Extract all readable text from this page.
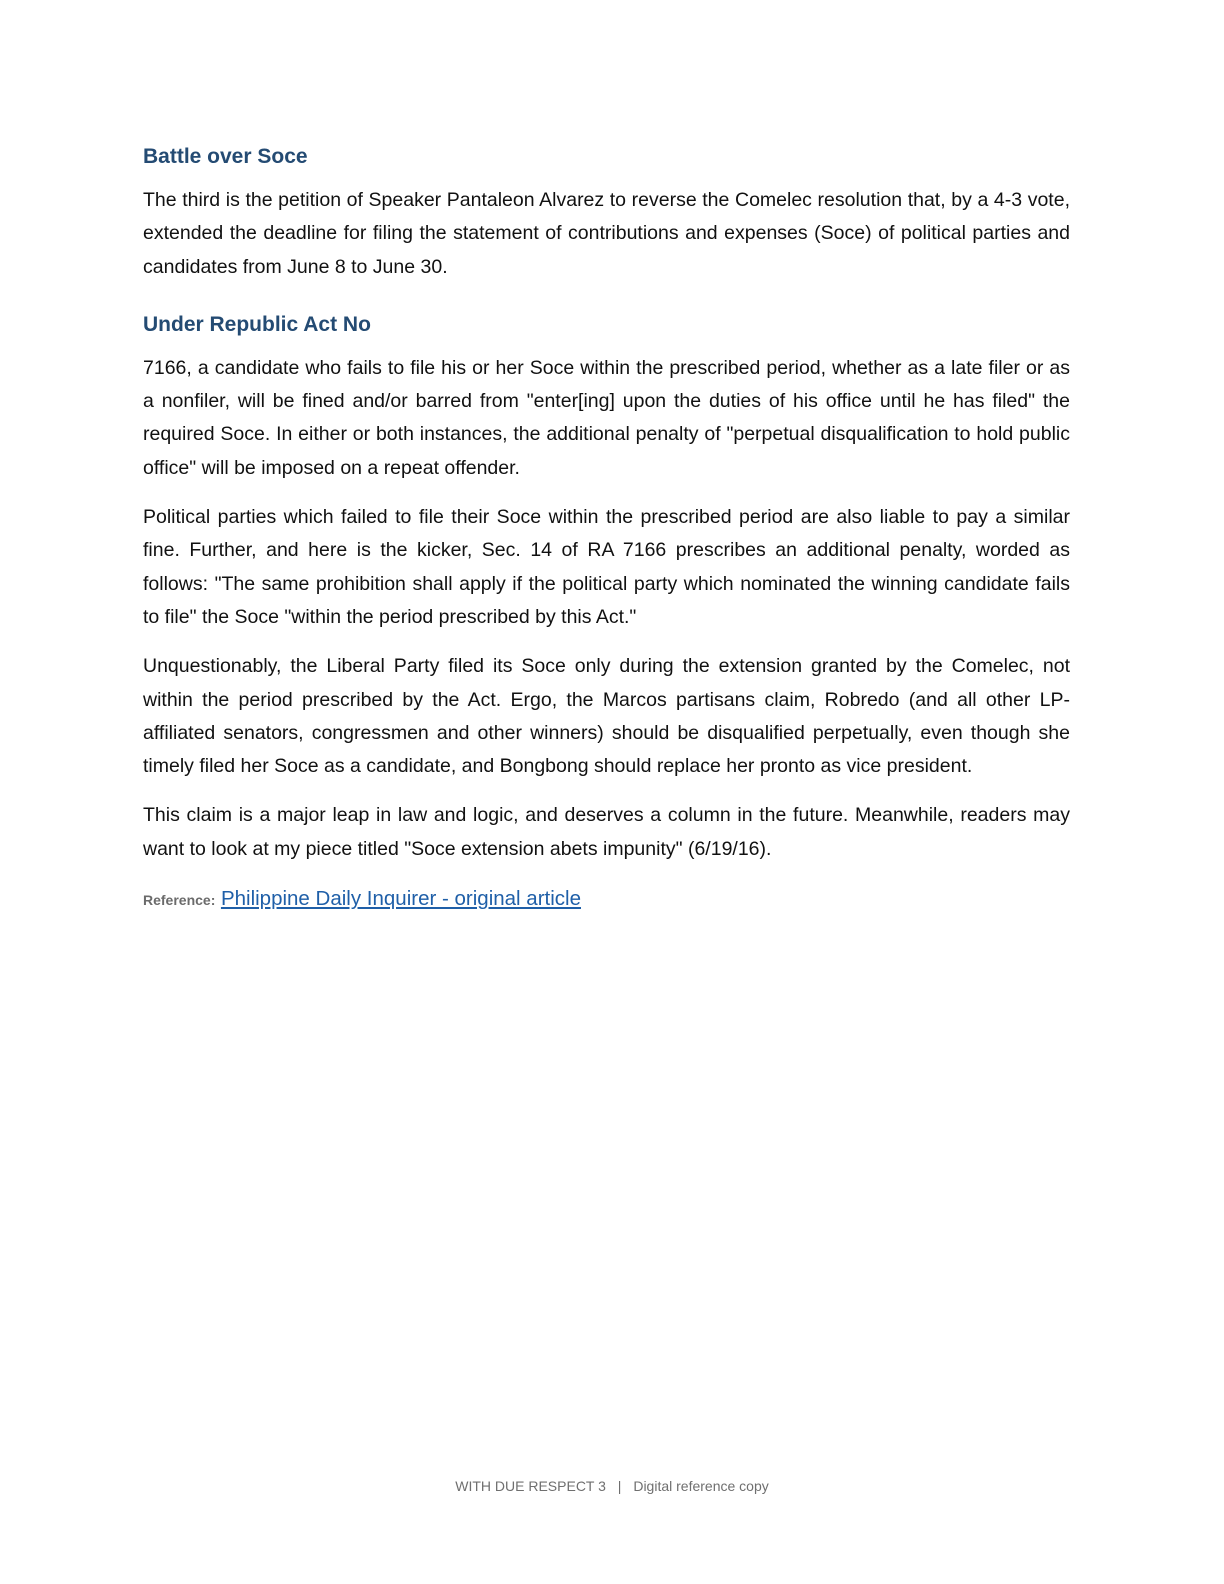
Battle over Soce

The third is the petition of Speaker Pantaleon Alvarez to reverse the Comelec resolution that, by a 4-3 vote, extended the deadline for filing the statement of contributions and expenses (Soce) of political parties and candidates from June 8 to June 30.

Under Republic Act No

7166, a candidate who fails to file his or her Soce within the prescribed period, whether as a late filer or as a nonfiler, will be fined and/or barred from "enter[ing] upon the duties of his office until he has filed" the required Soce. In either or both instances, the additional penalty of "perpetual disqualification to hold public office" will be imposed on a repeat offender.

Political parties which failed to file their Soce within the prescribed period are also liable to pay a similar fine. Further, and here is the kicker, Sec. 14 of RA 7166 prescribes an additional penalty, worded as follows: "The same prohibition shall apply if the political party which nominated the winning candidate fails to file" the Soce "within the period prescribed by this Act."

Unquestionably, the Liberal Party filed its Soce only during the extension granted by the Comelec, not within the period prescribed by the Act. Ergo, the Marcos partisans claim, Robredo (and all other LP-affiliated senators, congressmen and other winners) should be disqualified perpetually, even though she timely filed her Soce as a candidate, and Bongbong should replace her pronto as vice president.

This claim is a major leap in law and logic, and deserves a column in the future. Meanwhile, readers may want to look at my piece titled "Soce extension abets impunity" (6/19/16).

Reference: Philippine Daily Inquirer - original article
WITH DUE RESPECT 3 | Digital reference copy
